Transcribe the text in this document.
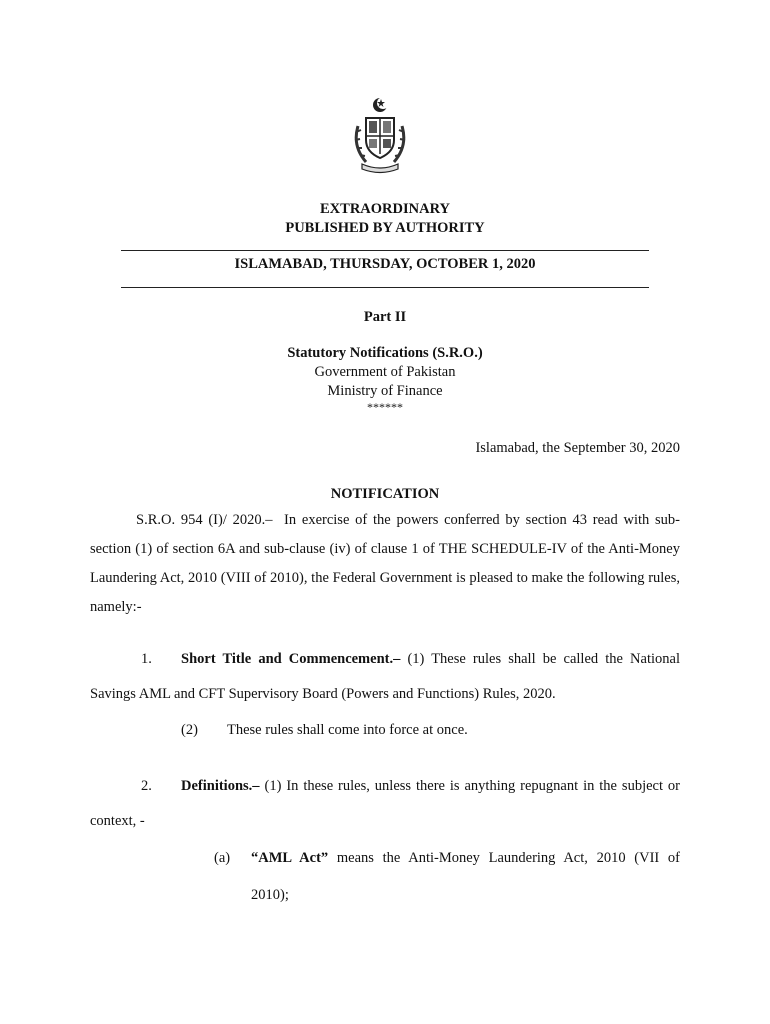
EXTRAORDINARY
PUBLISHED BY AUTHORITY
ISLAMABAD, THURSDAY, OCTOBER 1, 2020
Part II
Statutory Notifications (S.R.O.)
Government of Pakistan
Ministry of Finance
******
Islamabad, the September 30, 2020
NOTIFICATION
S.R.O. 954 (I)/ 2020.– In exercise of the powers conferred by section 43 read with sub-section (1) of section 6A and sub-clause (iv) of clause 1 of THE SCHEDULE-IV of the Anti-Money Laundering Act, 2010 (VIII of 2010), the Federal Government is pleased to make the following rules, namely:-
1. Short Title and Commencement.– (1) These rules shall be called the National
Savings AML and CFT Supervisory Board (Powers and Functions) Rules, 2020.
(2) These rules shall come into force at once.
2. Definitions.– (1) In these rules, unless there is anything repugnant in the subject or
context, -
(a) “AML Act” means the Anti-Money Laundering Act, 2010 (VII of
2010);
